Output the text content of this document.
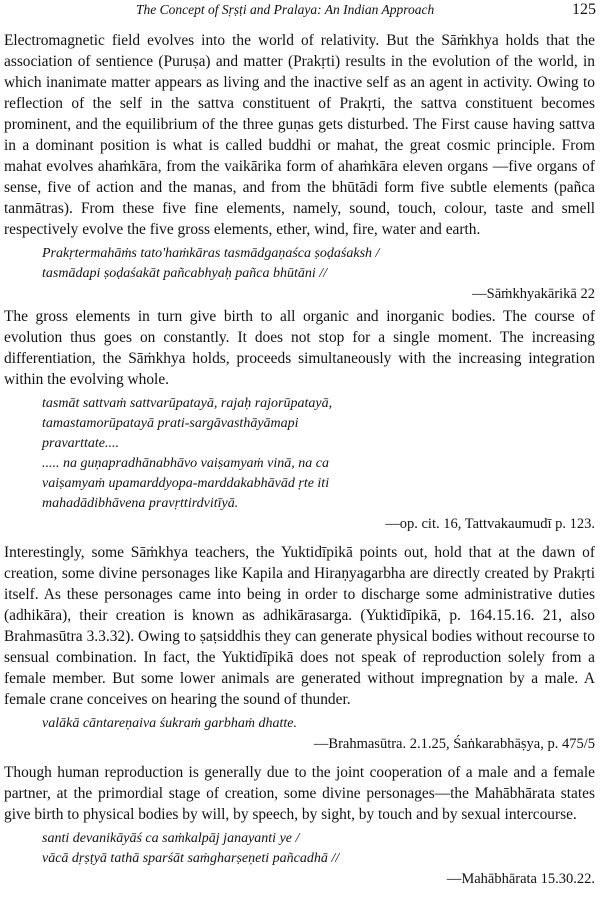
The Concept of Sṛṣṭi and Pralaya: An Indian Approach	125

Electromagnetic field evolves into the world of relativity. But the Sāṁkhya holds that the association of sentience (Puruṣa) and matter (Prakṛti) results in the evolution of the world, in which inanimate matter appears as living and the inactive self as an agent in activity. Owing to reflection of the self in the sattva constituent of Prakṛti, the sattva constituent becomes prominent, and the equilibrium of the three guṇas gets disturbed. The First cause having sattva in a dominant position is what is called buddhi or mahat, the great cosmic principle. From mahat evolves ahaṁkāra, from the vaikārika form of ahaṁkāra eleven organs —five organs of sense, five of action and the manas, and from the bhūtādi form five subtle elements (pañca tanmātras). From these five fine elements, namely, sound, touch, colour, taste and smell respectively evolve the five gross elements, ether, wind, fire, water and earth.

Prakṛtermahāṁs tato'haṁkāras tasmādgaṇaśca ṣoḍaśaksh /
tasmādapi ṣoḍaśakāt pañcabhyaḥ pañca bhūtāni //

—Sāṁkhyakārikā 22

The gross elements in turn give birth to all organic and inorganic bodies. The course of evolution thus goes on constantly. It does not stop for a single moment. The increasing differentiation, the Sāṁkhya holds, proceeds simultaneously with the increasing integration within the evolving whole.

tasmāt sattvaṁ sattvarūpatayā, rajaḥ rajorūpatayā,
tamastamorūpatayā prati-sargāvasthāyāmapi
pravarttate....
..... na guṇapradhānabhāvo vaiṣamyaṁ vinā, na ca
vaiṣamyaṁ upamarddyopa-marddakabhāvād ṛte iti
mahadādibhāvena pravṛttirdvitīyā.

—op. cit. 16, Tattvakaumudī p. 123.

Interestingly, some Sāṁkhya teachers, the Yuktidīpikā points out, hold that at the dawn of creation, some divine personages like Kapila and Hiraṇyagarbha are directly created by Prakṛti itself. As these personages came into being in order to discharge some administrative duties (adhikāra), their creation is known as adhikārasarga. (Yuktidīpikā, p. 164.15.16. 21, also Brahmasūtra 3.3.32). Owing to ṣaṭsiddhis they can generate physical bodies without recourse to sensual combination. In fact, the Yuktidīpikā does not speak of reproduction solely from a female member. But some lower animals are generated without impregnation by a male. A female crane conceives on hearing the sound of thunder.

valākā cāntareṇaiva śukraṁ garbhaṁ dhatte.

—Brahmasūtra. 2.1.25, Śaṅkarabhāṣya, p. 475/5

Though human reproduction is generally due to the joint cooperation of a male and a female partner, at the primordial stage of creation, some divine personages—the Mahābhārata states give birth to physical bodies by will, by speech, by sight, by touch and by sexual intercourse.

santi devanikāyāś ca saṁkalpāj janayanti ye /
vācā dṛṣṭyā tathā sparśāt saṁgharṣeṇeti pañcadhā //

—Mahābhārata 15.30.22.
